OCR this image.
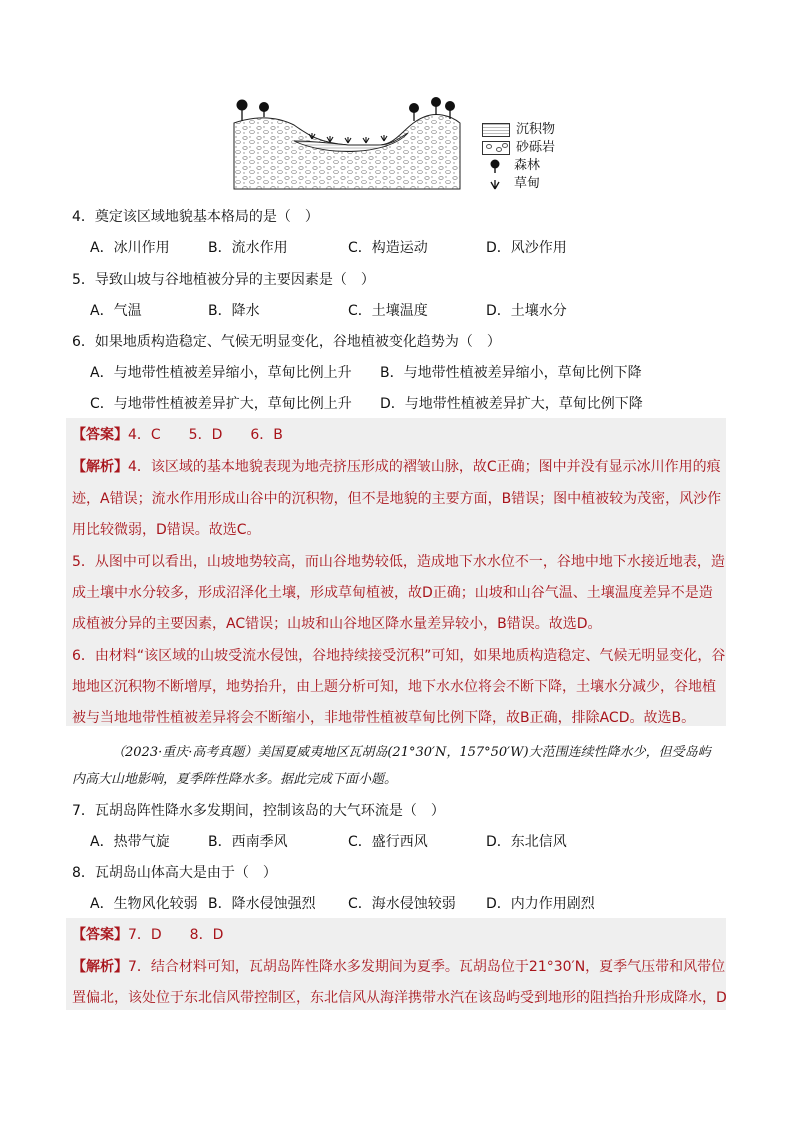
沉积物
砂砾岩
森林
草甸
4．奠定该区域地貌基本格局的是（　）
A．冰川作用	B．流水作用	C．构造运动	D．风沙作用
5．导致山坡与谷地植被分异的主要因素是（　）
A．气温	B．降水	C．土壤温度	D．土壤水分
6．如果地质构造稳定、气候无明显变化，谷地植被变化趋势为（　）
A．与地带性植被差异缩小，草甸比例上升 B．与地带性植被差异缩小，草甸比例下降
C．与地带性植被差异扩大，草甸比例上升 D．与地带性植被差异扩大，草甸比例下降
【答案】4．C　　5．D　　6．B
【解析】4．该区域的基本地貌表现为地壳挤压形成的褶皱山脉，故C正确；图中并没有显示冰川作用的痕
迹，A错误；流水作用形成山谷中的沉积物，但不是地貌的主要方面，B错误；图中植被较为茂密，风沙作
用比较微弱，D错误。故选C。
5．从图中可以看出，山坡地势较高，而山谷地势较低，造成地下水水位不一，谷地中地下水接近地表，造
成土壤中水分较多，形成沼泽化土壤，形成草甸植被，故D正确；山坡和山谷气温、土壤温度差异不是造
成植被分异的主要因素，AC错误；山坡和山谷地区降水量差异较小，B错误。故选D。
6．由材料“该区域的山坡受流水侵蚀，谷地持续接受沉积”可知，如果地质构造稳定、气候无明显变化，谷
地地区沉积物不断增厚，地势抬升，由上题分析可知，地下水水位将会不断下降，土壤水分减少，谷地植
被与当地地带性植被差异将会不断缩小，非地带性植被草甸比例下降，故B正确，排除ACD。故选B。
（2023·重庆·高考真题）美国夏威夷地区瓦胡岛(21°30′N，157°50′W)大范围连续性降水少，但受岛屿
内高大山地影响，夏季阵性降水多。据此完成下面小题。
7．瓦胡岛阵性降水多发期间，控制该岛的大气环流是（　）
A．热带气旋	B．西南季风	C．盛行西风	D．东北信风
8．瓦胡岛山体高大是由于（　）
A．生物风化较弱 B．降水侵蚀强烈 C．海水侵蚀较弱 D．内力作用剧烈
【答案】7．D　　8．D
【解析】7．结合材料可知，瓦胡岛阵性降水多发期间为夏季。瓦胡岛位于21°30′N，夏季气压带和风带位
置偏北，该处位于东北信风带控制区，东北信风从海洋携带水汽在该岛屿受到地形的阻挡抬升形成降水，D
